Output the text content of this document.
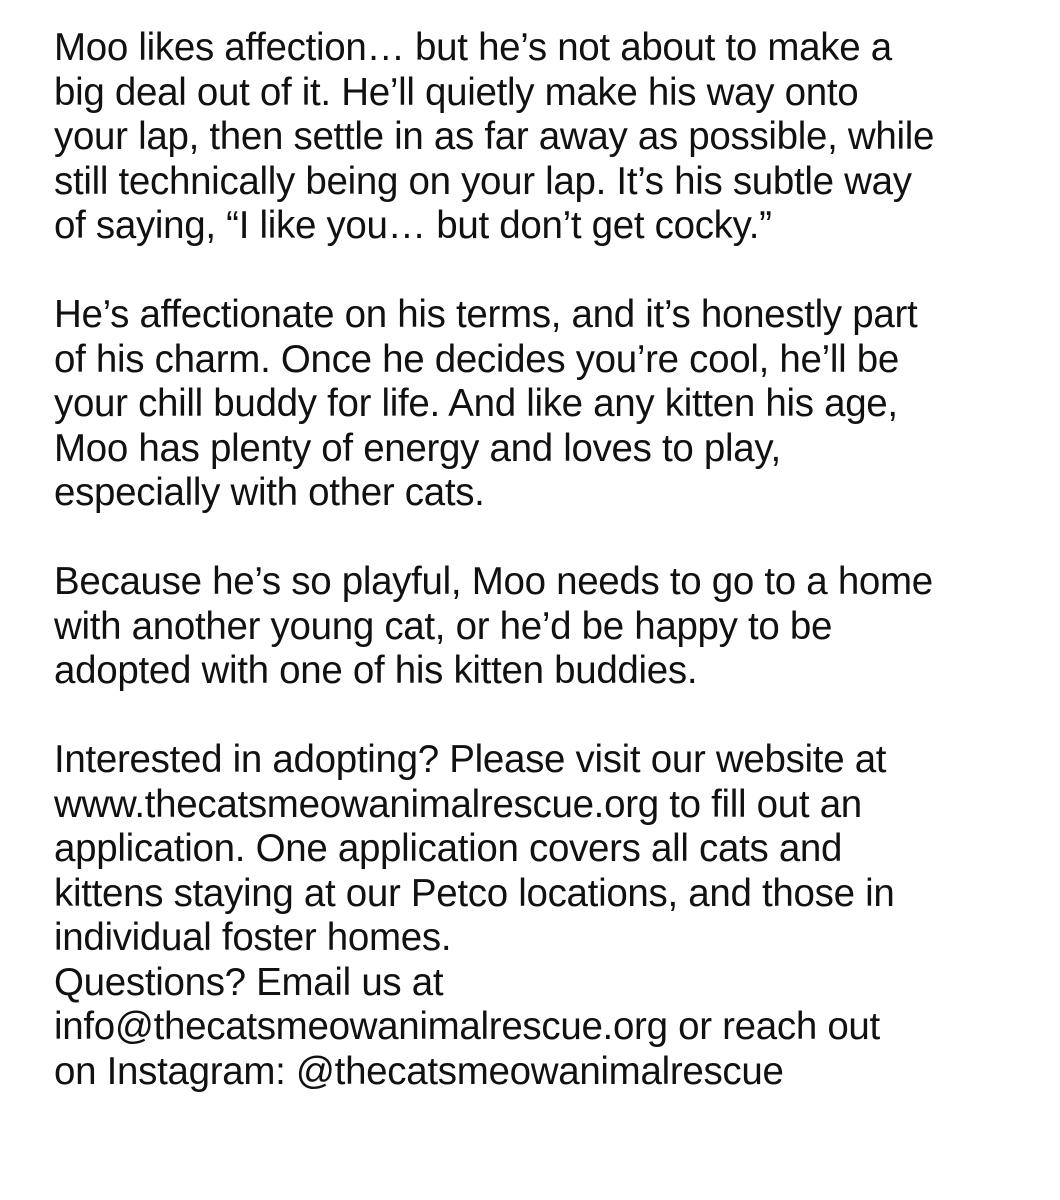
Moo likes affection… but he’s not about to make a
big deal out of it. He’ll quietly make his way onto
your lap, then settle in as far away as possible, while
still technically being on your lap. It’s his subtle way
of saying, “I like you… but don’t get cocky.”

He’s affectionate on his terms, and it’s honestly part
of his charm. Once he decides you’re cool, he’ll be
your chill buddy for life. And like any kitten his age,
Moo has plenty of energy and loves to play,
especially with other cats.

Because he’s so playful, Moo needs to go to a home
with another young cat, or he’d be happy to be
adopted with one of his kitten buddies.

Interested in adopting? Please visit our website at
www.thecatsmeowanimalrescue.org to fill out an
application. One application covers all cats and
kittens staying at our Petco locations, and those in
individual foster homes.
Questions? Email us at
info@thecatsmeowanimalrescue.org or reach out
on Instagram: @thecatsmeowanimalrescue
